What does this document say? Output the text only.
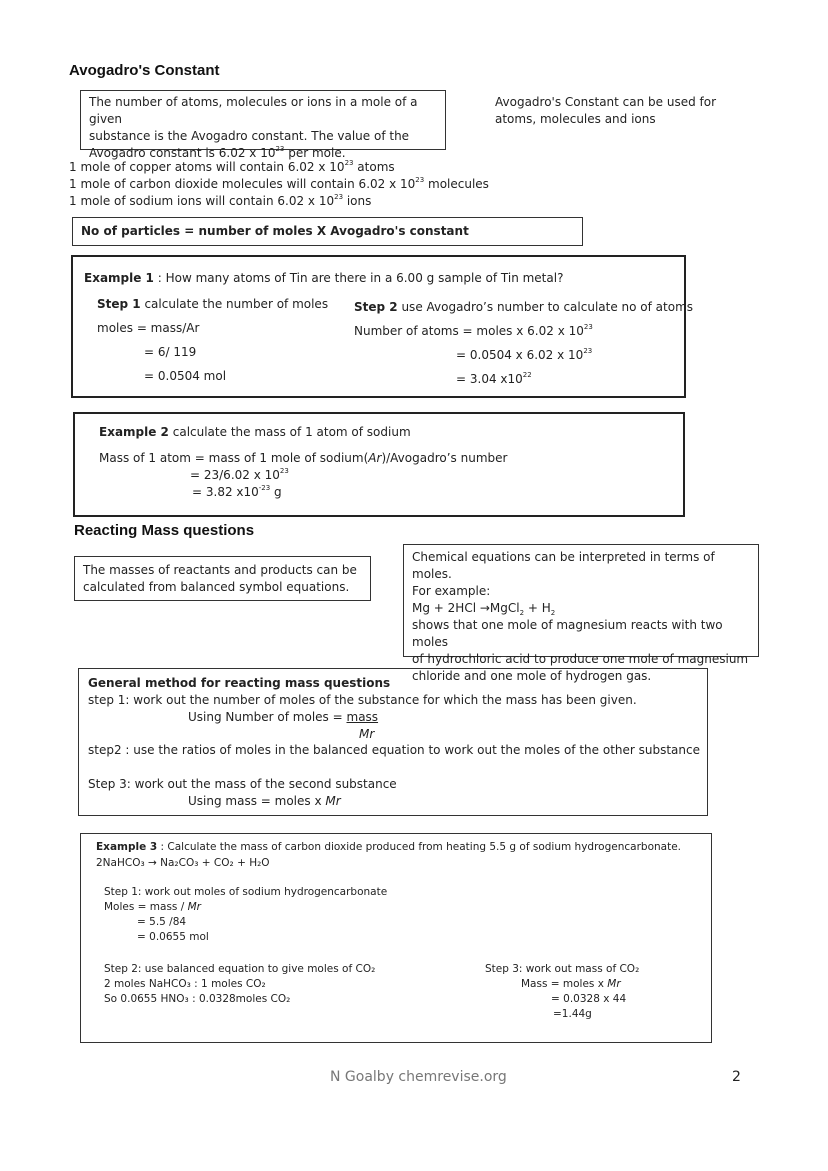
Avogadro's Constant
The number of atoms, molecules or ions in a mole of a given
substance is the Avogadro constant. The value of the
Avogadro constant is 6.02 x $10^{23}$ per mole.
Avogadro's Constant can be used for
atoms, molecules and ions
1 mole of copper atoms will contain 6.02 x $10^{23}$ atoms
1 mole of carbon dioxide molecules will contain 6.02 x $10^{23}$ molecules
1 mole of sodium ions will contain 6.02 x $10^{23}$ ions
No of particles = number of moles X Avogadro's constant
Example 1 : How many atoms of Tin are there in a 6.00 g sample of Tin metal?
Step 1 calculate the number of moles
moles = mass/Ar
= 6/ 119
= 0.0504 mol
Step 2 use Avogadro’s number to calculate no of atoms
Number of atoms = moles x 6.02 x $10^{23}$
= 0.0504 x 6.02 x $10^{23}$
= 3.04 $x10^{22}$
Example 2 calculate the mass of 1 atom of sodium
Mass of 1 atom = mass of 1 mole of sodium(Ar)/Avogadro’s number
= 23/6.02 x $10^{23}$
= 3.82 $x10^{-23}$ g
Reacting Mass questions
The masses of reactants and products can be
calculated from balanced symbol equations.
Chemical equations can be interpreted in terms of moles.
For example:
Mg + 2HCl →MgCl2 + H2
shows that one mole of magnesium reacts with two moles
of hydrochloric acid to produce one mole of magnesium
chloride and one mole of hydrogen gas.
General method for reacting mass questions
step 1: work out the number of moles of the substance for which the mass has been given.
Using Number of moles = mass
Mr
step2 : use the ratios of moles in the balanced equation to work out the moles of the other substance
Step 3: work out the mass of the second substance
Using mass = moles x Mr
Example 3 : Calculate the mass of carbon dioxide produced from heating 5.5 g of sodium hydrogencarbonate.
2NaHCO₃ → Na₂CO₃ + CO₂ + H₂O
Step 1: work out moles of sodium hydrogencarbonate
Moles = mass / Mr
= 5.5 /84
= 0.0655 mol
Step 2: use balanced equation to give moles of CO₂
2 moles NaHCO₃ : 1 moles CO₂
So 0.0655 HNO₃ : 0.0328moles CO₂
Step 3: work out mass of CO₂
Mass = moles x Mr
= 0.0328 x 44
=1.44g
N Goalby chemrevise.org	2
